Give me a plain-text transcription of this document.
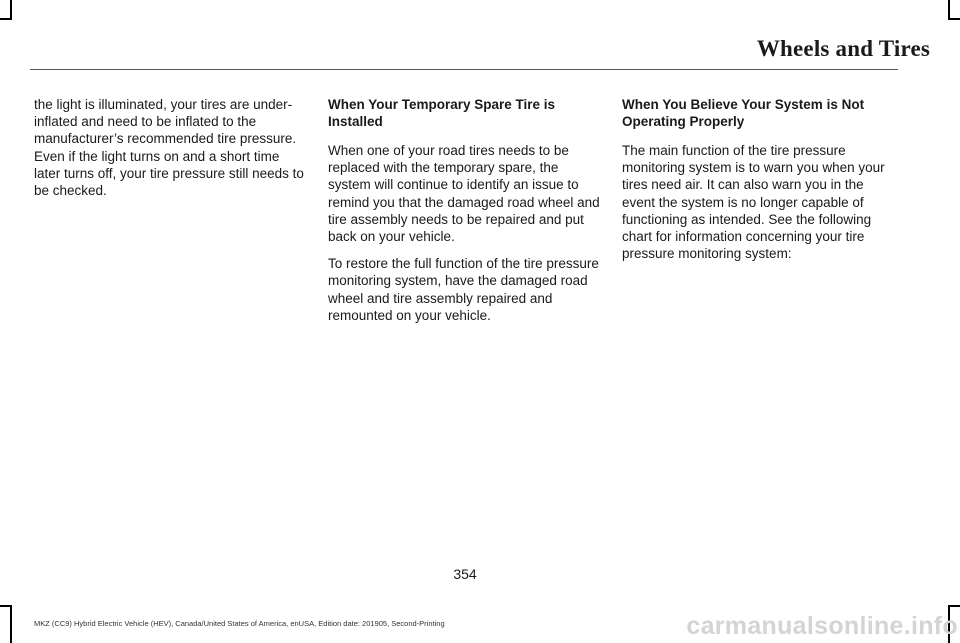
Wheels and Tires

the light is illuminated, your tires are under-inflated and need to be inflated to the manufacturer’s recommended tire pressure. Even if the light turns on and a short time later turns off, your tire pressure still needs to be checked.

When Your Temporary Spare Tire is Installed

When one of your road tires needs to be replaced with the temporary spare, the system will continue to identify an issue to remind you that the damaged road wheel and tire assembly needs to be repaired and put back on your vehicle.

To restore the full function of the tire pressure monitoring system, have the damaged road wheel and tire assembly repaired and remounted on your vehicle.

When You Believe Your System is Not Operating Properly

The main function of the tire pressure monitoring system is to warn you when your tires need air. It can also warn you in the event the system is no longer capable of functioning as intended. See the following chart for information concerning your tire pressure monitoring system:

354
MKZ (CC9) Hybrid Electric Vehicle (HEV), Canada/United States of America, enUSA, Edition date: 201905, Second-Printing	carmanualsonline.info
